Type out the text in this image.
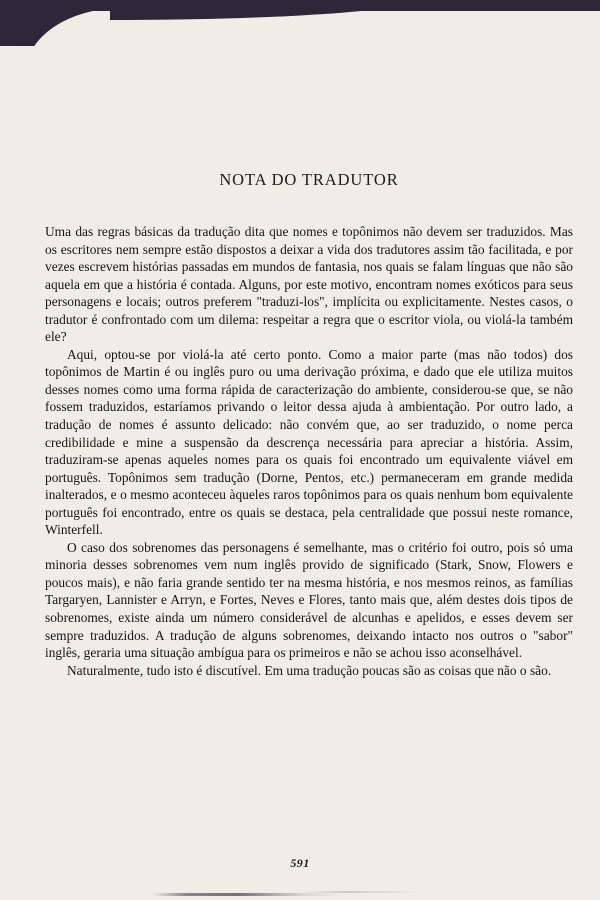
NOTA DO TRADUTOR

Uma das regras básicas da tradução dita que nomes e topônimos não devem ser traduzidos. Mas os escritores nem sempre estão dispostos a deixar a vida dos tradutores assim tão facilitada, e por vezes escrevem histórias passadas em mundos de fantasia, nos quais se falam línguas que não são aquela em que a história é contada. Alguns, por este motivo, encontram nomes exóticos para seus personagens e locais; outros preferem "traduzi-los", implícita ou explicitamente. Nestes casos, o tradutor é confrontado com um dilema: respeitar a regra que o escritor viola, ou violá-la também ele?

Aqui, optou-se por violá-la até certo ponto. Como a maior parte (mas não todos) dos topônimos de Martin é ou inglês puro ou uma derivação próxima, e dado que ele utiliza muitos desses nomes como uma forma rápida de caracterização do ambiente, considerou-se que, se não fossem traduzidos, estaríamos privando o leitor dessa ajuda à ambientação. Por outro lado, a tradução de nomes é assunto delicado: não convém que, ao ser traduzido, o nome perca credibilidade e mine a suspensão da descrença necessária para apreciar a história. Assim, traduziram-se apenas aqueles nomes para os quais foi encontrado um equivalente viável em português. Topônimos sem tradução (Dorne, Pentos, etc.) permaneceram em grande medida inalterados, e o mesmo aconteceu àqueles raros topônimos para os quais nenhum bom equivalente português foi encontrado, entre os quais se destaca, pela centralidade que possui neste romance, Winterfell.

O caso dos sobrenomes das personagens é semelhante, mas o critério foi outro, pois só uma minoria desses sobrenomes vem num inglês provido de significado (Stark, Snow, Flowers e poucos mais), e não faria grande sentido ter na mesma história, e nos mesmos reinos, as famílias Targaryen, Lannister e Arryn, e Fortes, Neves e Flores, tanto mais que, além destes dois tipos de sobrenomes, existe ainda um número considerável de alcunhas e apelidos, e esses devem ser sempre traduzidos. A tradução de alguns sobrenomes, deixando intacto nos outros o "sabor" inglês, geraria uma situação ambígua para os primeiros e não se achou isso aconselhável.

Naturalmente, tudo isto é discutível. Em uma tradução poucas são as coisas que não o são.

591
